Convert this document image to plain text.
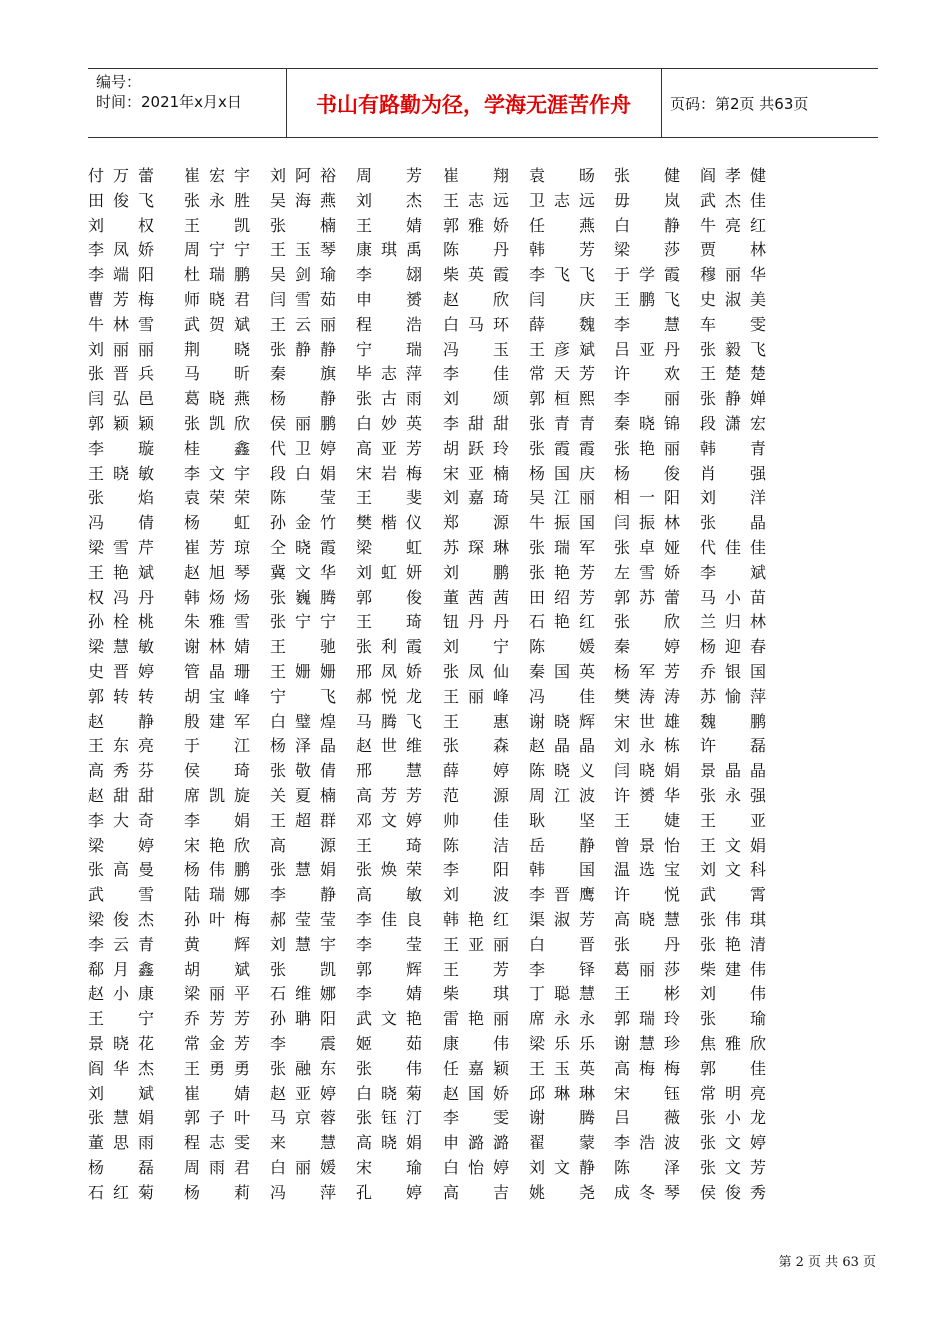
编号：
时间：2021年x月x日	书山有路勤为径，学海无涯苦作舟	页码：第2页 共63页
付 万 蕾 崔 宏 宇 刘 阿 裕 周 芳 崔 翔 袁 旸 张 健 阎 孝 健
田 俊 飞 张 永 胜 吴 海 燕 刘 杰 王 志 远 卫 志 远 毋 岚 武 杰 佳
刘 权 王 凯 张 楠 王 婧 郭 雅 娇 任 燕 白 静 牛 亮 红
李 凤 娇 周 宁 宁 王 玉 琴 康 琪 禹 陈 丹 韩 芳 梁 莎 贾 林
李 端 阳 杜 瑞 鹏 吴 剑 瑜 李 翃 柴 英 霞 李 飞 飞 于 学 霞 穆 丽 华
曹 芳 梅 师 晓 君 闫 雪 茹 申 赟 赵 欣 闫 庆 王 鹏 飞 史 淑 美
牛 林 雪 武 贺 斌 王 云 丽 程 浩 白 马 环 薛 魏 李 慧 车 雯
刘 丽 丽 荆 晓 张 静 静 宁 瑞 冯 玉 王 彦 斌 吕 亚 丹 张 毅 飞
张 晋 兵 马 昕 秦 旗 毕 志 萍 李 佳 常 天 芳 许 欢 王 楚 楚
闫 弘 邑 葛 晓 燕 杨 静 张 古 雨 刘 颂 郭 桓 熙 李 丽 张 静 婵
郭 颖 颖 张 凯 欣 侯 丽 鹏 白 妙 英 李 甜 甜 张 青 青 秦 晓 锦 段 潇 宏
李 璇 桂 鑫 代 卫 婷 高 亚 芳 胡 跃 玲 张 霞 霞 张 艳 丽 韩 青
王 晓 敏 李 文 宇 段 白 娟 宋 岩 梅 宋 亚 楠 杨 国 庆 杨 俊 肖 强
张 焰 袁 荣 荣 陈 莹 王 斐 刘 嘉 琦 吴 江 丽 相 一 阳 刘 洋
冯 倩 杨 虹 孙 金 竹 樊 楷 仪 郑 源 牛 振 国 闫 振 林 张 晶
梁 雪 芹 崔 芳 琼 仝 晓 霞 梁 虹 苏 琛 琳 张 瑞 军 张 卓 娅 代 佳 佳
王 艳 斌 赵 旭 琴 冀 文 华 刘 虹 妍 刘 鹏 张 艳 芳 左 雪 娇 李 斌
权 冯 丹 韩 炀 炀 张 巍 腾 郭 俊 董 茜 茜 田 绍 芳 郭 苏 蕾 马 小 苗
孙 栓 桃 朱 雅 雪 张 宁 宁 王 琦 钮 丹 丹 石 艳 红 张 欣 兰 归 林
梁 慧 敏 谢 林 婧 王 驰 张 利 霞 刘 宁 陈 媛 秦 婷 杨 迎 春
史 晋 婷 管 晶 珊 王 姗 姗 邢 凤 娇 张 凤 仙 秦 国 英 杨 军 芳 乔 银 国
郭 转 转 胡 宝 峰 宁 飞 郝 悦 龙 王 丽 峰 冯 佳 樊 涛 涛 苏 愉 萍
赵 静 殷 建 军 白 璧 煌 马 腾 飞 王 惠 谢 晓 辉 宋 世 雄 魏 鹏
王 东 亮 于 江 杨 泽 晶 赵 世 维 张 森 赵 晶 晶 刘 永 栋 许 磊
高 秀 芬 侯 琦 张 敬 倩 邢 慧 薛 婷 陈 晓 义 闫 晓 娟 景 晶 晶
赵 甜 甜 席 凯 旋 关 夏 楠 高 芳 芳 范 源 周 江 波 许 赟 华 张 永 强
李 大 奇 李 娟 王 超 群 邓 文 婷 帅 佳 耿 坚 王 婕 王 亚
梁 婷 宋 艳 欣 高 源 王 琦 陈 洁 岳 静 曾 景 怡 王 文 娟
张 高 曼 杨 伟 鹏 张 慧 娟 张 焕 荣 李 阳 韩 国 温 选 宝 刘 文 科
武 雪 陆 瑞 娜 李 静 高 敏 刘 波 李 晋 鹰 许 悦 武 霄
梁 俊 杰 孙 叶 梅 郝 莹 莹 李 佳 良 韩 艳 红 渠 淑 芳 高 晓 慧 张 伟 琪
李 云 青 黄 辉 刘 慧 宇 李 莹 王 亚 丽 白 晋 张 丹 张 艳 清
郗 月 鑫 胡 斌 张 凯 郭 辉 王 芳 李 铎 葛 丽 莎 柴 建 伟
赵 小 康 梁 丽 平 石 维 娜 李 婧 柴 琪 丁 聪 慧 王 彬 刘 伟
王 宁 乔 芳 芳 孙 聃 阳 武 文 艳 雷 艳 丽 席 永 永 郭 瑞 玲 张 瑜
景 晓 花 常 金 芳 李 震 姬 茹 康 伟 梁 乐 乐 谢 慧 珍 焦 雅 欣
阎 华 杰 王 勇 勇 张 融 东 张 伟 任 嘉 颖 王 玉 英 高 梅 梅 郭 佳
刘 斌 崔 婧 赵 亚 婷 白 晓 菊 赵 国 娇 邱 琳 琳 宋 钰 常 明 亮
张 慧 娟 郭 子 叶 马 京 蓉 张 钰 汀 李 雯 谢 腾 吕 薇 张 小 龙
董 思 雨 程 志 雯 来 慧 高 晓 娟 申 潞 潞 翟 蒙 李 浩 波 张 文 婷
杨 磊 周 雨 君 白 丽 媛 宋 瑜 白 怡 婷 刘 文 静 陈 泽 张 文 芳
石 红 菊 杨 莉 冯 萍 孔 婷 高 吉 姚 尧 成 冬 琴 侯 俊 秀
第 2 页 共 63 页
